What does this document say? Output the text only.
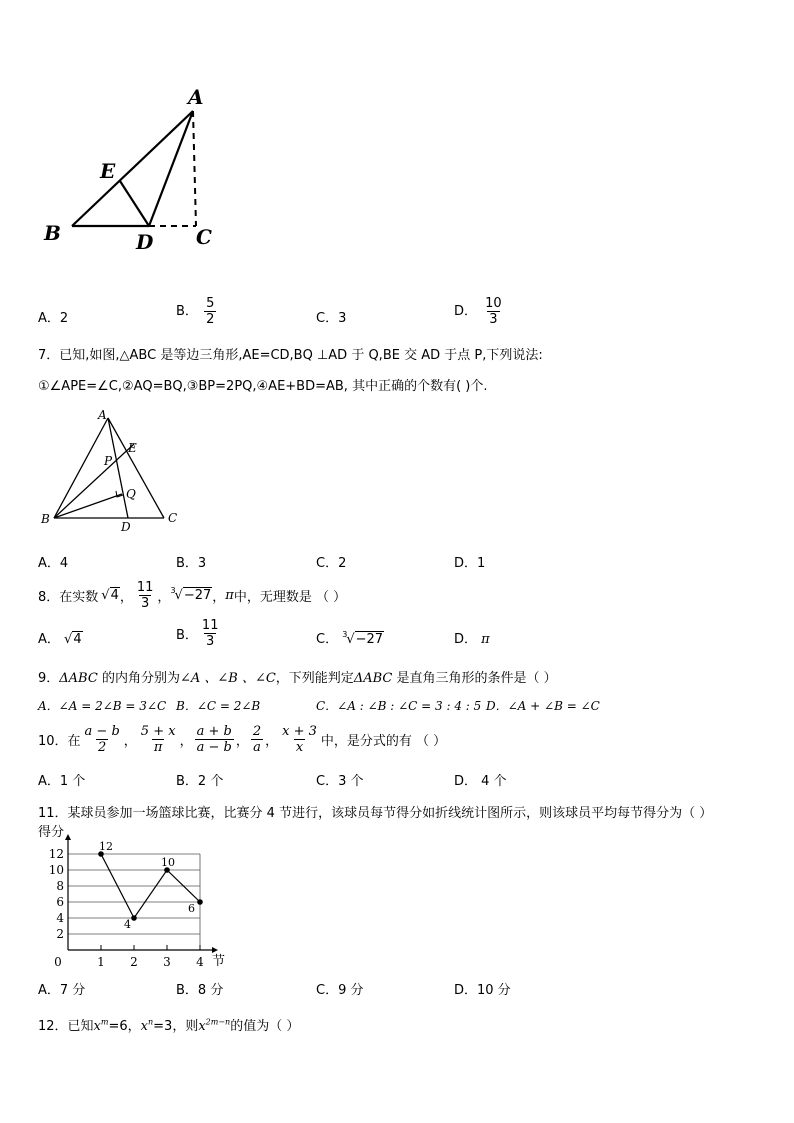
A
E
B	D C
A．2	B． $\frac{5}{2}$	C．3	D． $\frac{10}{3}$
7．已知,如图,△ABC 是等边三角形,AE=CD,BQ ⊥AD 于 Q,BE 交 AD 于点 P,下列说法:
①∠APE=∠C,②AQ=BQ,③BP=2PQ,④AE+BD=AB, 其中正确的个数有( )个.
A
E
P
Q
B
D
C
A．4	B．3	C．2	D．1
8．在实数 √4 ， $\frac{11}{3}$ ， $^3$√−27 ， π 中，无理数是 （ ）
A． √4	B． $\frac{11}{3}$	C． $^3$√−27	D． π
9．ΔABC 的内角分别为∠A 、∠B 、∠C，下列能判定ΔABC 是直角三角形的条件是（ ）
A．∠A = 2∠B = 3∠C B．∠C = 2∠B	C．∠A : ∠B : ∠C = 3 : 4 : 5 D．∠A + ∠B = ∠C
10．在 $\frac{a - b}{2}$ ， $\frac{5 + x}{\pi}$ ， $\frac{a + b}{a - b}$ ， $\frac{2}{a}$ ， $\frac{x + 3}{x}$ 中，是分式的有 （ ）
A．1 个	B．2 个	C．3 个	D． 4 个
11．某球员参加一场篮球比赛，比赛分 4 节进行，该球员每节得分如折线统计图所示，则该球员平均每节得分为（ ）
得分
节
2
4
6
8
10
12
0	1 2 3 4
12
4
10
6
A．7 分	B．8 分	C．9 分	D．10 分
12．已知$x^m=6$，$x^n=3$，则$x^{2m-n}$的值为（ ）
